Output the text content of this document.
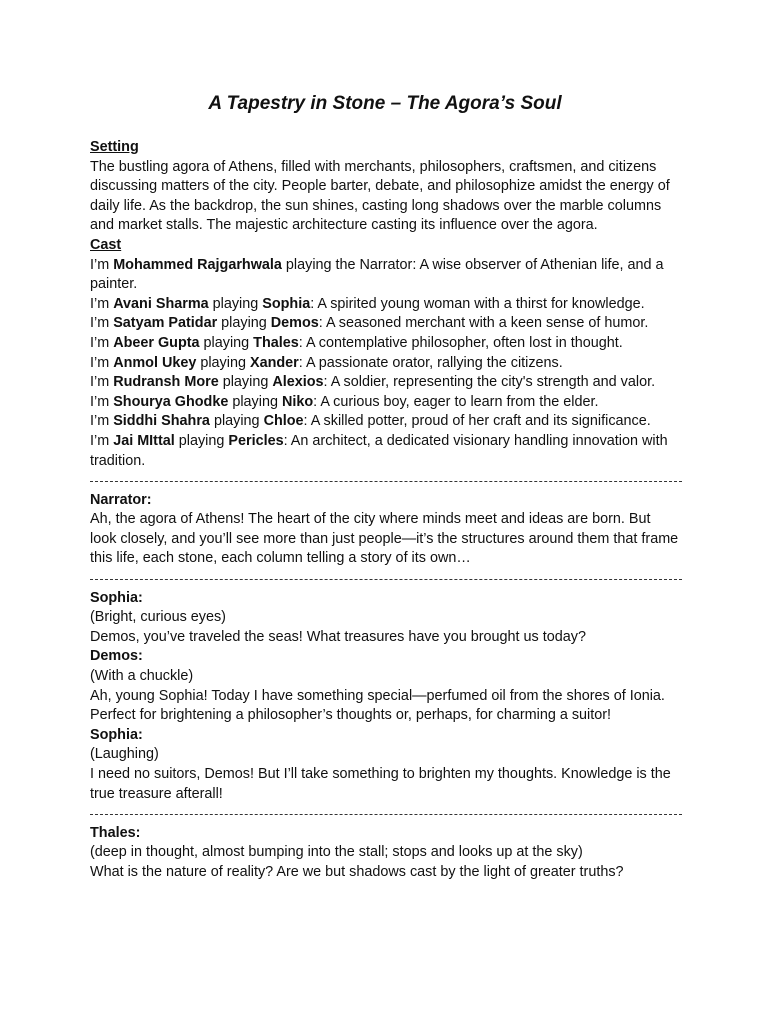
A Tapestry in Stone – The Agora’s Soul
Setting

The bustling agora of Athens, filled with merchants, philosophers, craftsmen, and citizens discussing matters of the city. People barter, debate, and philosophize amidst the energy of daily life. As the backdrop, the sun shines, casting long shadows over the marble columns and market stalls. The majestic architecture casting its influence over the agora.

Cast
I’m Mohammed Rajgarhwala playing the Narrator: A wise observer of Athenian life, and a painter.
I’m Avani Sharma playing Sophia: A spirited young woman with a thirst for knowledge.
I’m Satyam Patidar playing Demos: A seasoned merchant with a keen sense of humor.
I’m Abeer Gupta playing Thales: A contemplative philosopher, often lost in thought.
I’m Anmol Ukey playing Xander: A passionate orator, rallying the citizens.
I’m Rudransh More playing Alexios: A soldier, representing the city's strength and valor.
I’m Shourya Ghodke playing Niko: A curious boy, eager to learn from the elder.
I’m Siddhi Shahra playing Chloe: A skilled potter, proud of her craft and its significance.
I’m Jai MIttal playing Pericles: An architect, a dedicated visionary handling innovation with tradition.
Narrator:

Ah, the agora of Athens! The heart of the city where minds meet and ideas are born. But look closely, and you’ll see more than just people—it’s the structures around them that frame this life, each stone, each column telling a story of its own…

Sophia:

(Bright, curious eyes)

Demos, you’ve traveled the seas! What treasures have you brought us today?

Demos:

(With a chuckle)

Ah, young Sophia! Today I have something special—perfumed oil from the shores of Ionia. Perfect for brightening a philosopher’s thoughts or, perhaps, for charming a suitor!

Sophia:

(Laughing)

I need no suitors, Demos! But I’ll take something to brighten my thoughts. Knowledge is the true treasure afterall!

Thales:

(deep in thought, almost bumping into the stall; stops and looks up at the sky)

What is the nature of reality? Are we but shadows cast by the light of greater truths?
